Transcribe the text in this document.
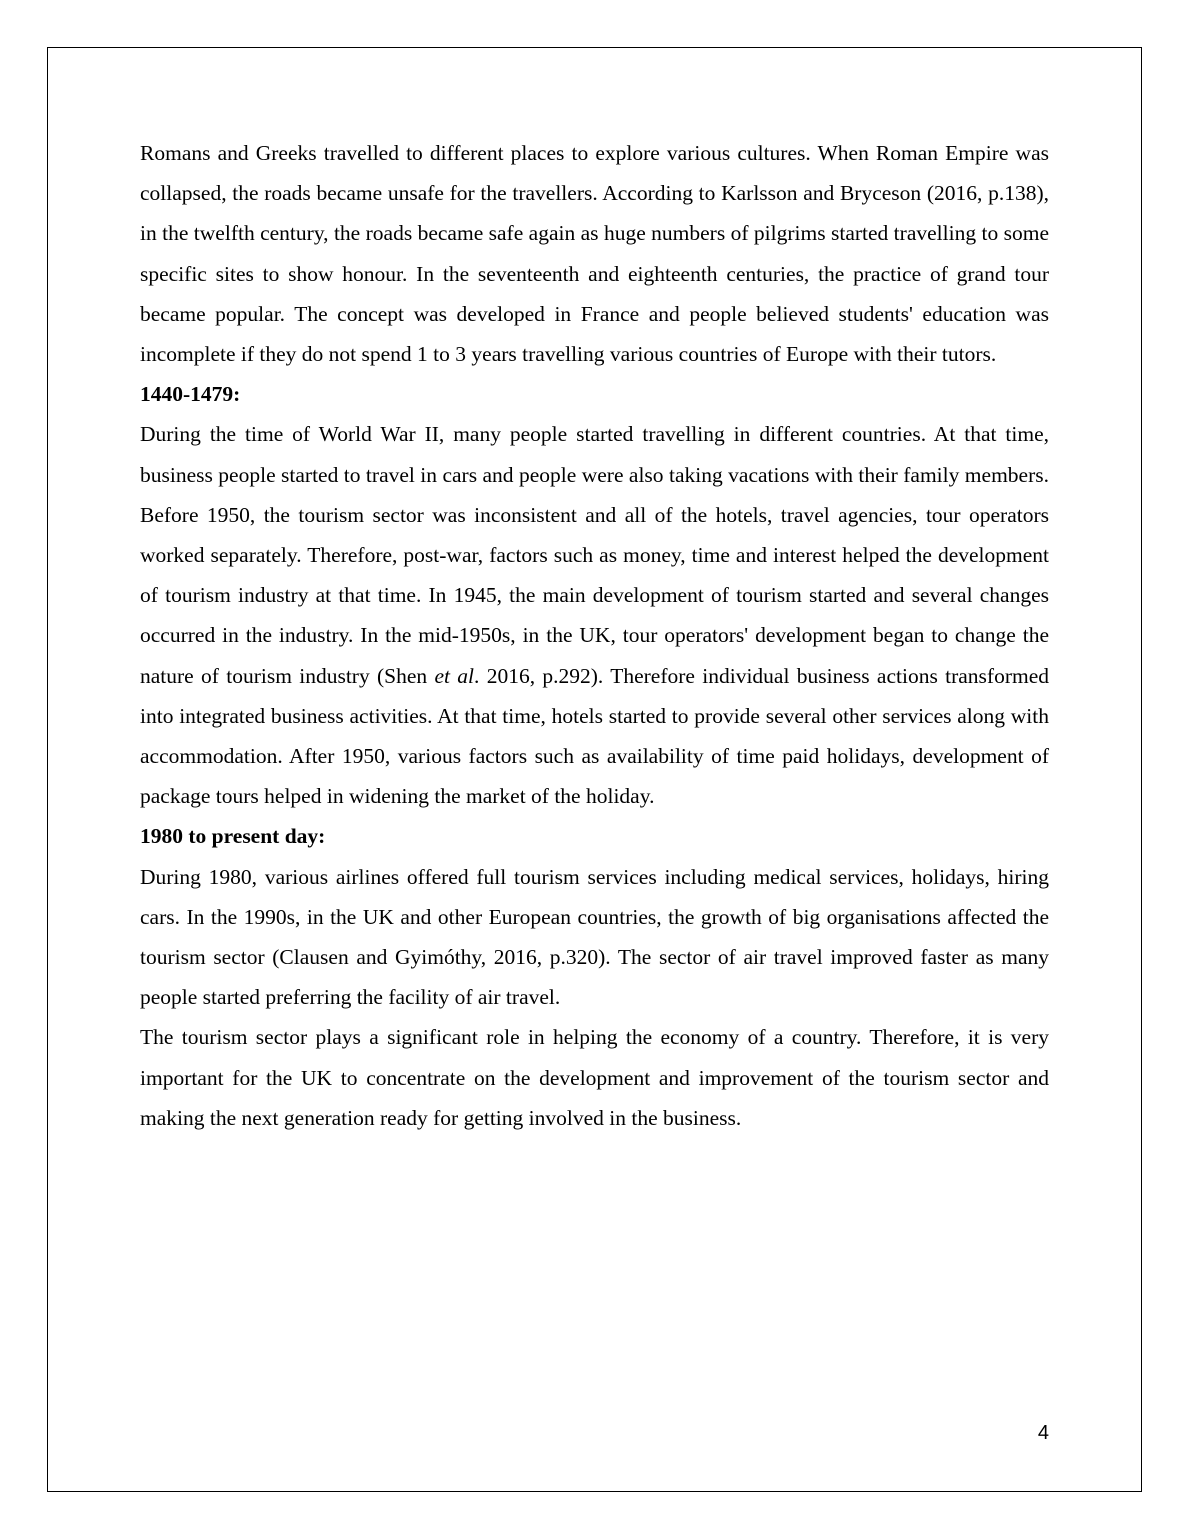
Romans and Greeks travelled to different places to explore various cultures. When Roman Empire was collapsed, the roads became unsafe for the travellers. According to Karlsson and Bryceson (2016, p.138), in the twelfth century, the roads became safe again as huge numbers of pilgrims started travelling to some specific sites to show honour. In the seventeenth and eighteenth centuries, the practice of grand tour became popular. The concept was developed in France and people believed students' education was incomplete if they do not spend 1 to 3 years travelling various countries of Europe with their tutors.

1440-1479:

During the time of World War II, many people started travelling in different countries. At that time, business people started to travel in cars and people were also taking vacations with their family members. Before 1950, the tourism sector was inconsistent and all of the hotels, travel agencies, tour operators worked separately. Therefore, post-war, factors such as money, time and interest helped the development of tourism industry at that time. In 1945, the main development of tourism started and several changes occurred in the industry. In the mid-1950s, in the UK, tour operators' development began to change the nature of tourism industry (Shen et al. 2016, p.292). Therefore individual business actions transformed into integrated business activities. At that time, hotels started to provide several other services along with accommodation. After 1950, various factors such as availability of time paid holidays, development of package tours helped in widening the market of the holiday.

1980 to present day:

During 1980, various airlines offered full tourism services including medical services, holidays, hiring cars. In the 1990s, in the UK and other European countries, the growth of big organisations affected the tourism sector (Clausen and Gyimóthy, 2016, p.320). The sector of air travel improved faster as many people started preferring the facility of air travel.

The tourism sector plays a significant role in helping the economy of a country. Therefore, it is very important for the UK to concentrate on the development and improvement of the tourism sector and making the next generation ready for getting involved in the business.

4
